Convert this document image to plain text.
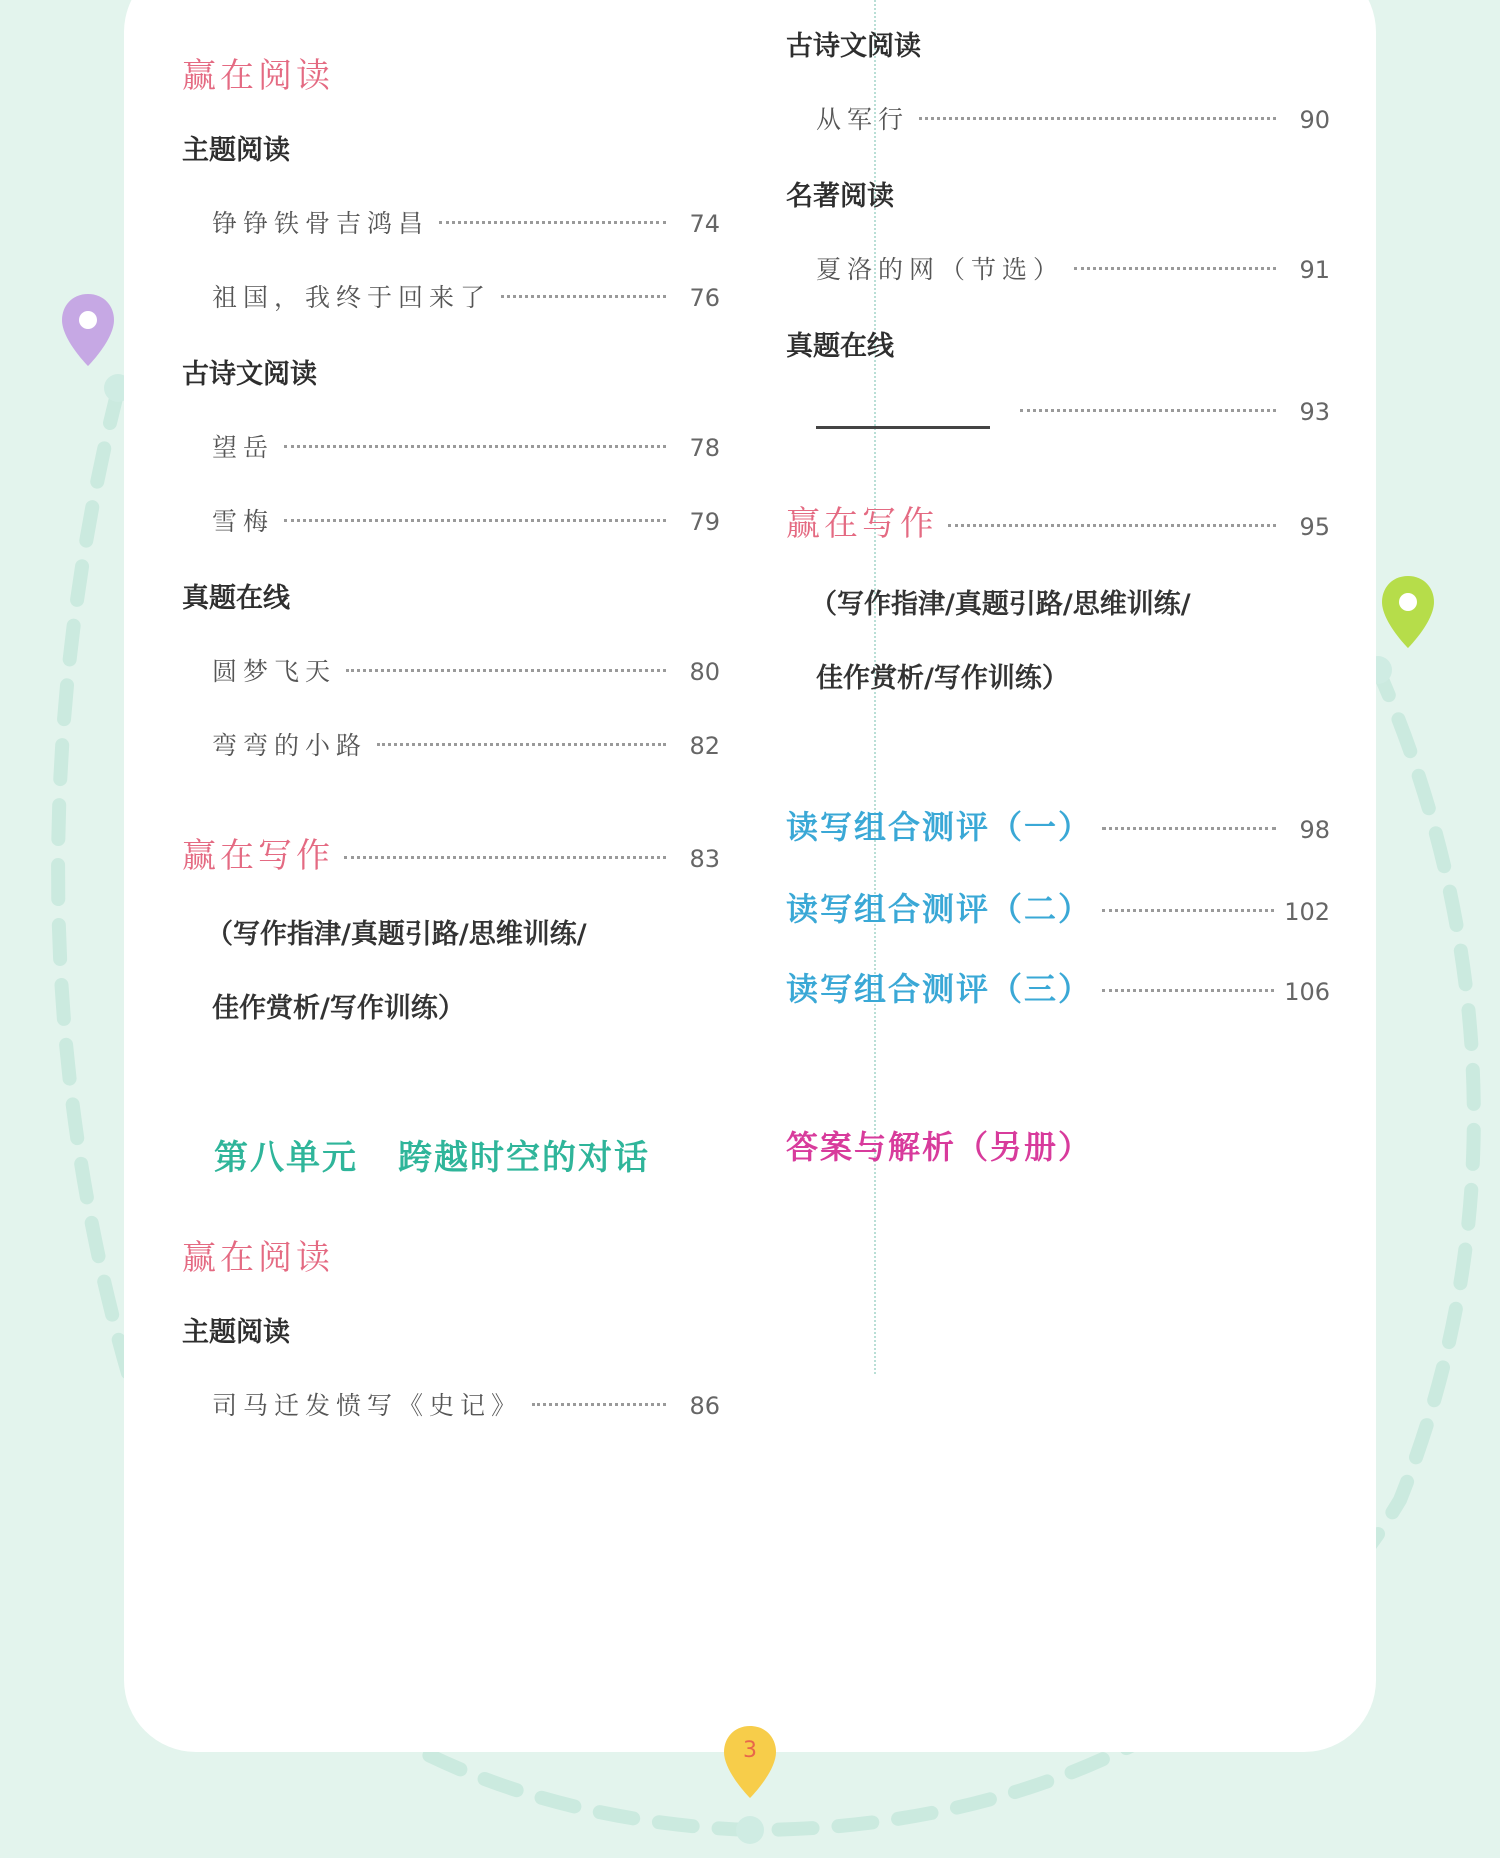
赢在阅读
主题阅读
铮铮铁骨吉鸿昌	74
祖国，我终于回来了	76
古诗文阅读
望岳	78
雪梅	79
真题在线
圆梦飞天	80
弯弯的小路	82
赢在写作	83
（写作指津/真题引路/思维训练/
佳作赏析/写作训练）
第八单元 跨越时空的对话
赢在阅读
主题阅读
司马迁发愤写《史记》	86
古诗文阅读
从军行	90
名著阅读
夏洛的网（节选）	91
真题在线
93
赢在写作	95
（写作指津/真题引路/思维训练/
佳作赏析/写作训练）
读写组合测评（一）	98
读写组合测评（二）	102
读写组合测评（三）	106
答案与解析（另册）
3
